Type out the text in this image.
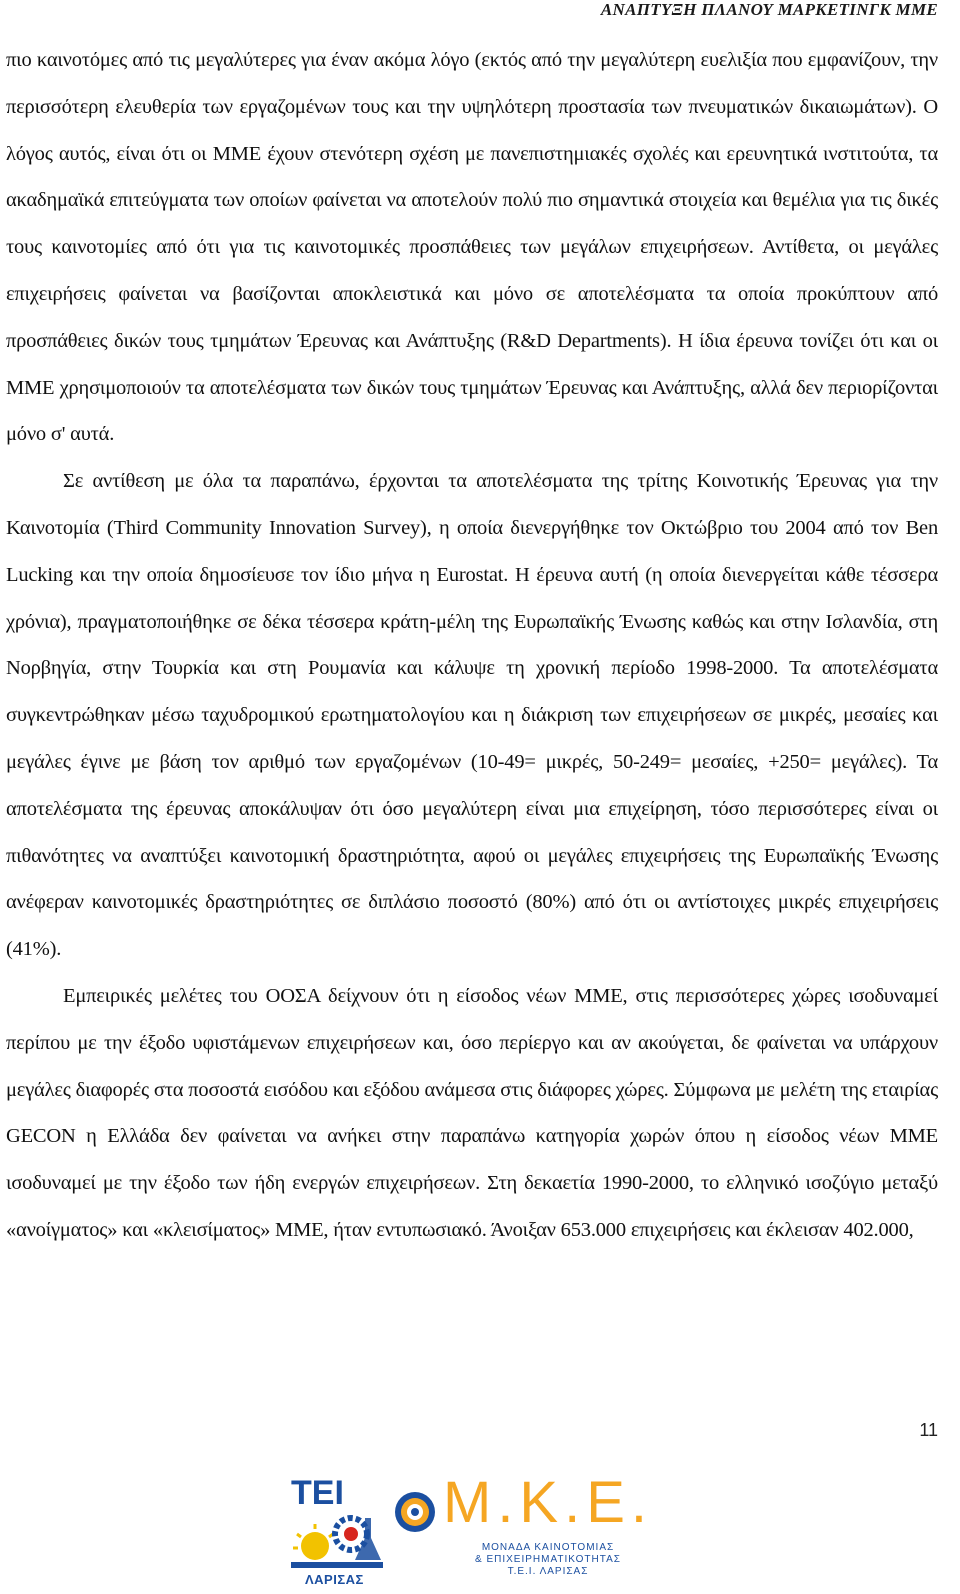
ΑΝΑΠΤΥΞΗ ΠΛΑΝΟΥ ΜΑΡΚΕΤΙΝΓΚ ΜΜΕ

πιο καινοτόμες από τις μεγαλύτερες για έναν ακόμα λόγο (εκτός από την μεγαλύτερη ευελιξία που εμφανίζουν, την περισσότερη ελευθερία των εργαζομένων τους και την υψηλότερη προστασία των πνευματικών δικαιωμάτων). Ο λόγος αυτός, είναι ότι οι ΜΜΕ έχουν στενότερη σχέση με πανεπιστημιακές σχολές και ερευνητικά ινστιτούτα, τα ακαδημαϊκά επιτεύγματα των οποίων φαίνεται να αποτελούν πολύ πιο σημαντικά στοιχεία και θεμέλια για τις δικές τους καινοτομίες από ότι για τις καινοτομικές προσπάθειες των μεγάλων επιχειρήσεων. Αντίθετα, οι μεγάλες επιχειρήσεις φαίνεται να βασίζονται αποκλειστικά και μόνο σε αποτελέσματα τα οποία προκύπτουν από προσπάθειες δικών τους τμημάτων Έρευνας και Ανάπτυξης (R&D Departments). Η ίδια έρευνα τονίζει ότι και οι ΜΜΕ χρησιμοποιούν τα αποτελέσματα των δικών τους τμημάτων Έρευνας και Ανάπτυξης, αλλά δεν περιορίζονται μόνο σ' αυτά.

Σε αντίθεση με όλα τα παραπάνω, έρχονται τα αποτελέσματα της τρίτης Κοινοτικής Έρευνας για την Καινοτομία (Third Community Innovation Survey), η οποία διενεργήθηκε τον Οκτώβριο του 2004 από τον Ben Lucking και την οποία δημοσίευσε τον ίδιο μήνα η Eurostat. Η έρευνα αυτή (η οποία διενεργείται κάθε τέσσερα χρόνια), πραγματοποιήθηκε σε δέκα τέσσερα κράτη-μέλη της Ευρωπαϊκής Ένωσης καθώς και στην Ισλανδία, στη Νορβηγία, στην Τουρκία και στη Ρουμανία και κάλυψε τη χρονική περίοδο 1998-2000. Τα αποτελέσματα συγκεντρώθηκαν μέσω ταχυδρομικού ερωτηματολογίου και η διάκριση των επιχειρήσεων σε μικρές, μεσαίες και μεγάλες έγινε με βάση τον αριθμό των εργαζομένων (10-49= μικρές, 50-249= μεσαίες, +250= μεγάλες). Τα αποτελέσματα της έρευνας αποκάλυψαν ότι όσο μεγαλύτερη είναι μια επιχείρηση, τόσο περισσότερες είναι οι πιθανότητες να αναπτύξει καινοτομική δραστηριότητα, αφού οι μεγάλες επιχειρήσεις της Ευρωπαϊκής Ένωσης ανέφεραν καινοτομικές δραστηριότητες σε διπλάσιο ποσοστό (80%) από ότι οι αντίστοιχες μικρές επιχειρήσεις (41%).

Εμπειρικές μελέτες του ΟΟΣΑ δείχνουν ότι η είσοδος νέων ΜΜΕ, στις περισσότερες χώρες ισοδυναμεί περίπου με την έξοδο υφιστάμενων επιχειρήσεων και, όσο περίεργο και αν ακούγεται, δε φαίνεται να υπάρχουν μεγάλες διαφορές στα ποσοστά εισόδου και εξόδου ανάμεσα στις διάφορες χώρες. Σύμφωνα με μελέτη της εταιρίας GECON η Ελλάδα δεν φαίνεται να ανήκει στην παραπάνω κατηγορία χωρών όπου η είσοδος νέων ΜΜΕ ισοδυναμεί με την έξοδο των ήδη ενεργών επιχειρήσεων. Στη δεκαετία 1990-2000, το ελληνικό ισοζύγιο μεταξύ «ανοίγματος» και «κλεισίματος» ΜΜΕ, ήταν εντυπωσιακό. Άνοιξαν 653.000 επιχειρήσεις και έκλεισαν 402.000,

11
ΤΕΙ
ΛΑΡΙΣΑΣ
Μ.Κ.Ε.
ΜΟΝΑΔΑ ΚΑΙΝΟΤΟΜΙΑΣ
& ΕΠΙΧΕΙΡΗΜΑΤΙΚΟΤΗΤΑΣ
Τ.Ε.Ι. ΛΑΡΙΣΑΣ
